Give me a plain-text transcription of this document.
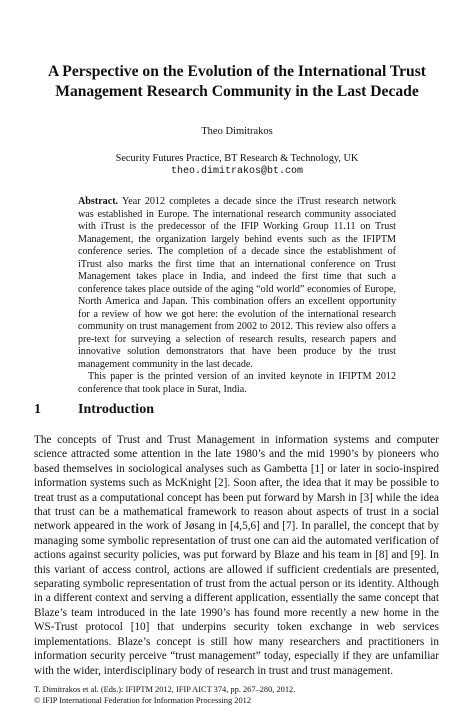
A Perspective on the Evolution of the International Trust Management Research Community in the Last Decade
Theo Dimitrakos
Security Futures Practice, BT Research & Technology, UK
theo.dimitrakos@bt.com

Abstract. Year 2012 completes a decade since the iTrust research network was established in Europe. The international research community associated with iTrust is the predecessor of the IFIP Working Group 11.11 on Trust Management, the organization largely behind events such as the IFIPTM conference series. The completion of a decade since the establishment of iTrust also marks the first time that an international conference on Trust Management takes place in India, and indeed the first time that such a conference takes place outside of the aging “old world” economies of Europe, North America and Japan. This combination offers an excellent opportunity for a review of how we got here: the evolution of the international research community on trust management from 2002 to 2012. This review also offers a pre-text for surveying a selection of research results, research papers and innovative solution demonstrators that have been produce by the trust management community in the last decade.

This paper is the printed version of an invited keynote in IFIPTM 2012 conference that took place in Surat, India.

1	Introduction

The concepts of Trust and Trust Management in information systems and computer science attracted some attention in the late 1980’s and the mid 1990’s by pioneers who based themselves in sociological analyses such as Gambetta [1] or later in socio-inspired information systems such as McKnight [2]. Soon after, the idea that it may be possible to treat trust as a computational concept has been put forward by Marsh in [3] while the idea that trust can be a mathematical framework to reason about aspects of trust in a social network appeared in the work of Jøsang in [4,5,6] and [7]. In parallel, the concept that by managing some symbolic representation of trust one can aid the automated verification of actions against security policies, was put forward by Blaze and his team in [8] and [9]. In this variant of access control, actions are allowed if sufficient credentials are presented, separating symbolic representation of trust from the actual person or its identity. Although in a different context and serving a different application, essentially the same concept that Blaze’s team introduced in the late 1990’s has found more recently a new home in the WS-Trust protocol [10] that underpins security token exchange in web services implementations. Blaze’s concept is still how many researchers and practitioners in information security perceive “trust management” today, especially if they are unfamiliar with the wider, interdisciplinary body of research in trust and trust management.

T. Dimitrakos et al. (Eds.): IFIPTM 2012, IFIP AICT 374, pp. 267–280, 2012.
© IFIP International Federation for Information Processing 2012
